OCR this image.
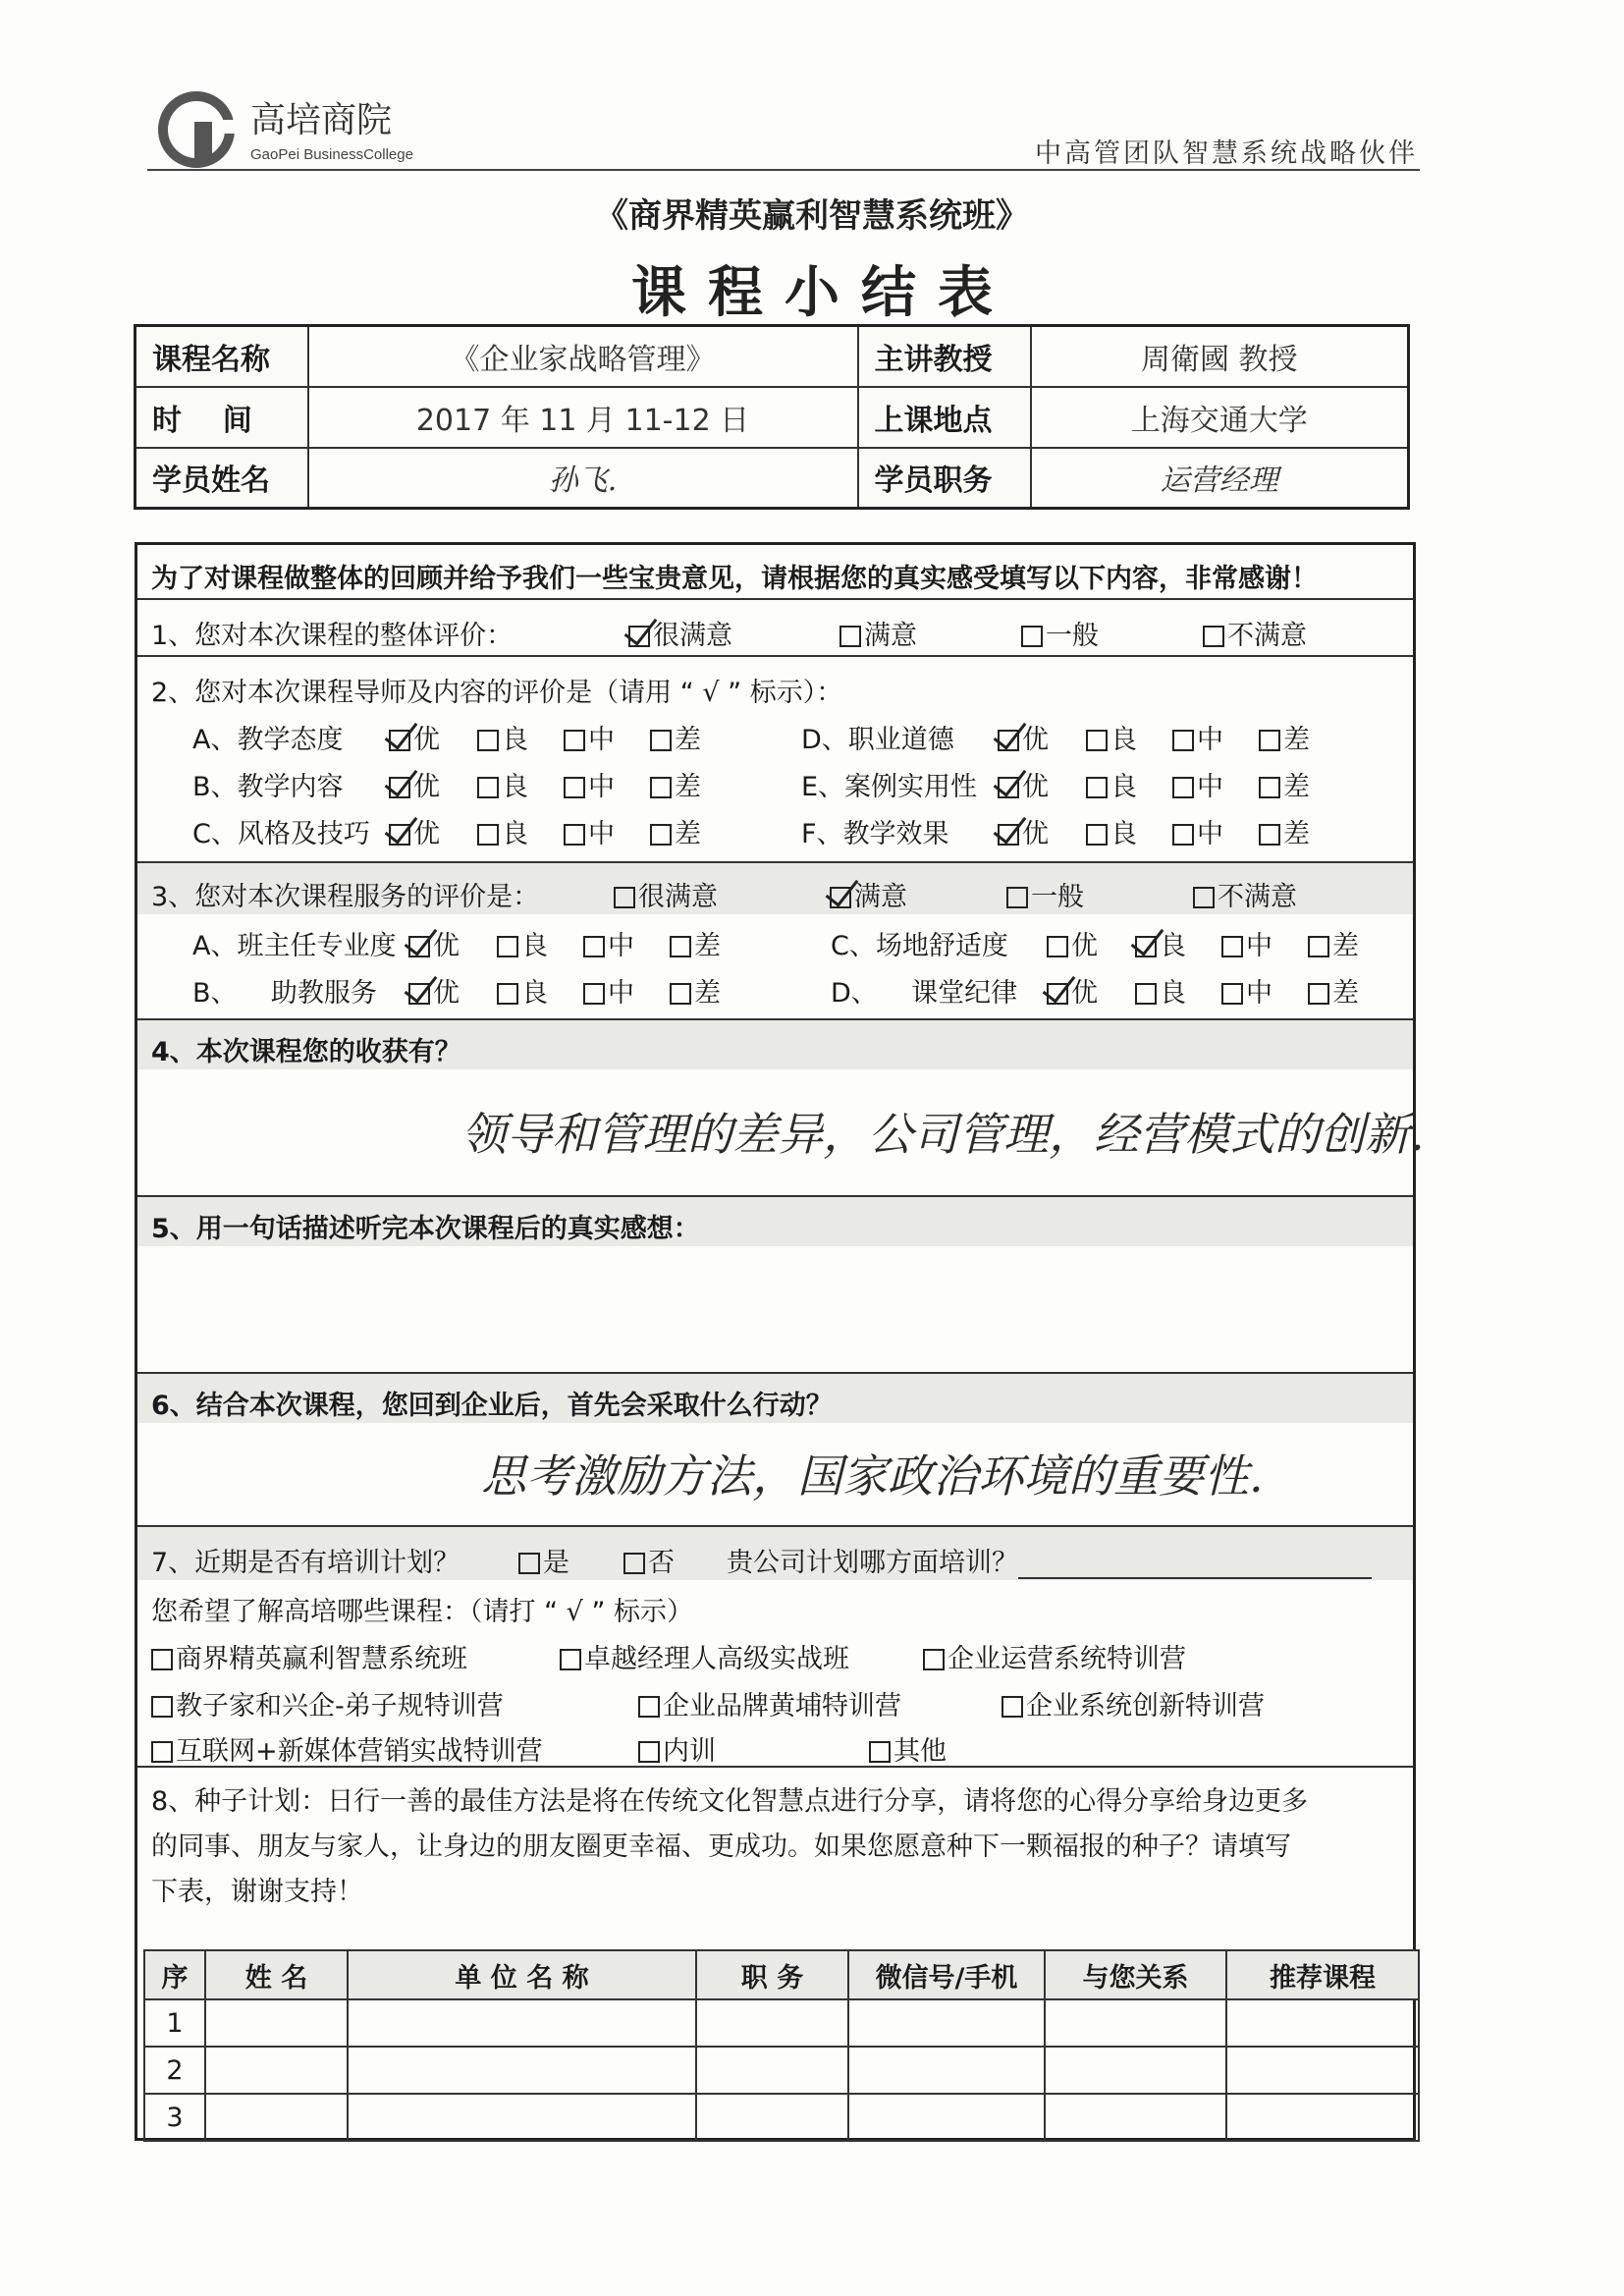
高培商院
GaoPei BusinessCollege	中高管团队智慧系统战略伙伴
《商界精英赢利智慧系统班》
课程小结表
课程名称	《企业家战略管理》	主讲教授	周衛國 教授
时    间	2017 年 11 月 11-12 日	上课地点	上海交通大学
学员姓名	孙飞.	学员职务	运营经理
为了对课程做整体的回顾并给予我们一些宝贵意见，请根据您的真实感受填写以下内容，非常感谢！
1、您对本次课程的整体评价：	很满意	满意	一般	不满意
2、您对本次课程导师及内容的评价是（请用 “ √ ” 标示）：
A、教学态度	优	良	中	差	D、职业道德	优	良	中	差
B、教学内容	优	良	中	差	E、案例实用性	优	良	中	差
C、风格及技巧	优	良	中	差	F、教学效果	优	良	中	差
3、您对本次课程服务的评价是：	很满意	满意	一般	不满意
A、班主任专业度	优	良	中	差	C、场地舒适度	优	良	中	差
B、    助教服务	优	良	中	差	D、    课堂纪律	优	良	中	差
4、本次课程您的收获有？
领导和管理的差异，公司管理，经营模式的创新.
5、用一句话描述听完本次课程后的真实感想：
6、结合本次课程，您回到企业后，首先会采取什么行动？
思考激励方法，国家政治环境的重要性.
7、近期是否有培训计划？	是	否 贵公司计划哪方面培训？
您希望了解高培哪些课程：（请打 “ √ ” 标示）
商界精英赢利智慧系统班	卓越经理人高级实战班	企业运营系统特训营
教子家和兴企-弟子规特训营	企业品牌黄埔特训营	企业系统创新特训营
互联网+新媒体营销实战特训营	内训	其他
8、种子计划：日行一善的最佳方法是将在传统文化智慧点进行分享，请将您的心得分享给身边更多
的同事、朋友与家人，让身边的朋友圈更幸福、更成功。如果您愿意种下一颗福报的种子？请填写
下表，谢谢支持！
序	姓 名	单 位 名 称	职 务	微信号/手机	与您关系	推荐课程
1						
2						
3						
